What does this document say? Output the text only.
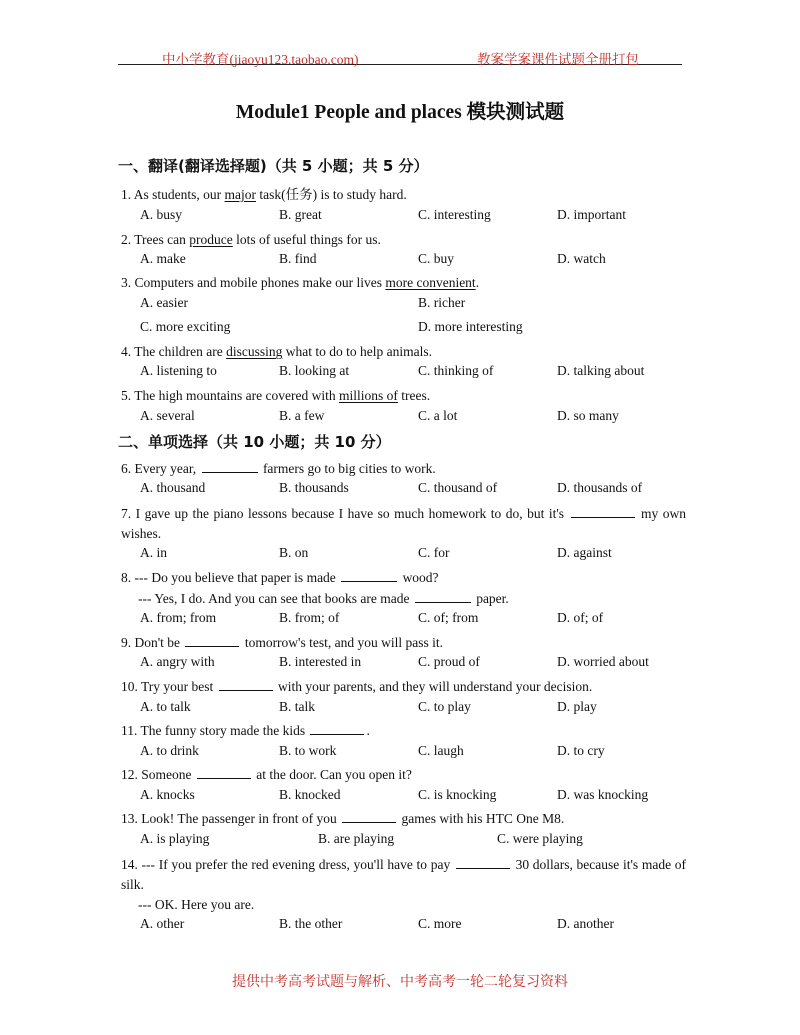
中小学教育(jiaoyu123.taobao.com)	教案学案课件试题全册打包
Module1 People and places 模块测试题
一、翻译(翻译选择题)（共 5 小题；共 5 分）
1. As students, our major task(任务) is to study hard.
A. busy	B. great	C. interesting	D. important
2. Trees can produce lots of useful things for us.
A. make	B. find	C. buy	D. watch
3. Computers and mobile phones make our lives more convenient.
A. easier	B. richer
C. more exciting	D. more interesting
4. The children are discussing what to do to help animals.
A. listening to	B. looking at	C. thinking of	D. talking about
5. The high mountains are covered with millions of trees.
A. several	B. a few	C. a lot	D. so many
二、单项选择（共 10 小题；共 10 分）
6. Every year,	farmers go to big cities to work.
A. thousand	B. thousands	C. thousand of	D. thousands of
7. I gave up the piano lessons because I have so much homework to do, but it's	my own wishes.
A. in	B. on	C. for	D. against
8. --- Do you believe that paper is made	wood?
--- Yes, I do. And you can see that books are made	paper.
A. from; from	B. from; of	C. of; from	D. of; of
9. Don't be	tomorrow's test, and you will pass it.
A. angry with	B. interested in	C. proud of	D. worried about
10. Try your best	with your parents, and they will understand your decision.
A. to talk	B. talk	C. to play	D. play
11. The funny story made the kids	.
A. to drink	B. to work	C. laugh	D. to cry
12. Someone	at the door. Can you open it?
A. knocks	B. knocked	C. is knocking	D. was knocking
13. Look! The passenger in front of you	games with his HTC One M8.
A. is playing	B. are playing	C. were playing
14. --- If you prefer the red evening dress, you'll have to pay	30 dollars, because it's made of silk.
--- OK. Here you are.
A. other	B. the other	C. more	D. another
提供中考高考试题与解析、中考高考一轮二轮复习资料
